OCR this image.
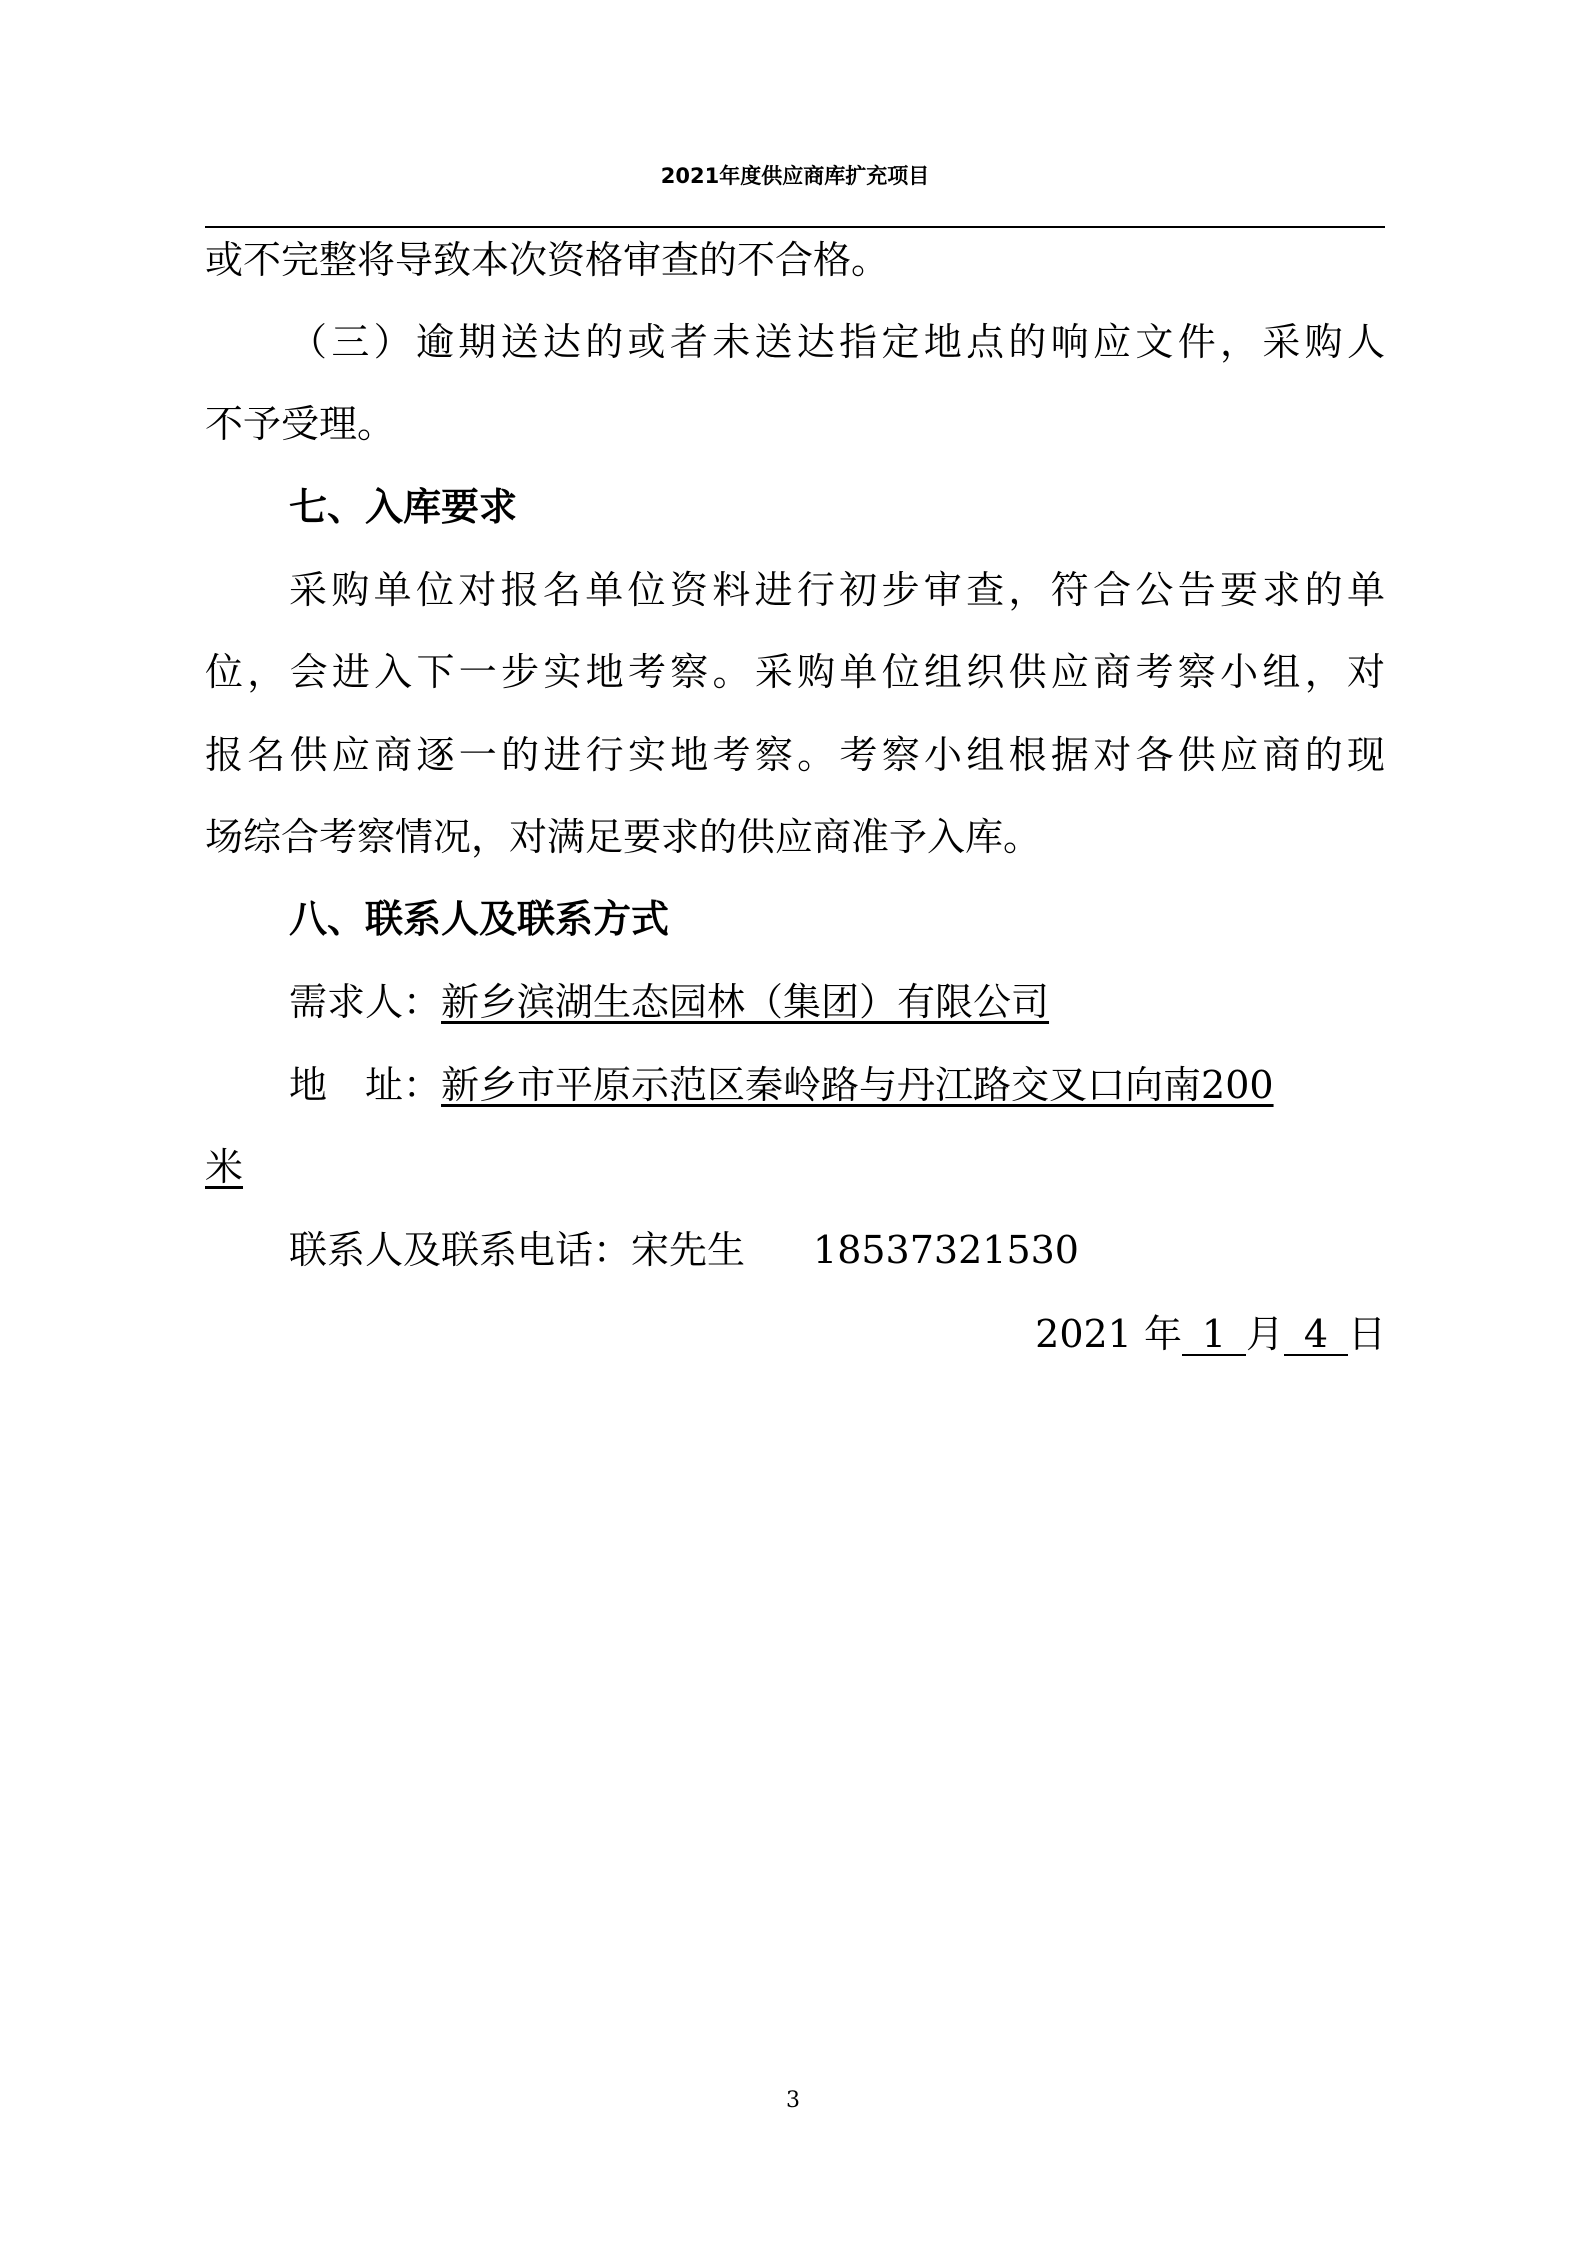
2021年度供应商库扩充项目
或不完整将导致本次资格审查的不合格。
（三）逾期送达的或者未送达指定地点的响应文件，采购人
不予受理。
七、入库要求
采购单位对报名单位资料进行初步审查，符合公告要求的单
位，会进入下一步实地考察。采购单位组织供应商考察小组，对
报名供应商逐一的进行实地考察。考察小组根据对各供应商的现
场综合考察情况，对满足要求的供应商准予入库。
八、联系人及联系方式
需求人：新乡滨湖生态园林（集团）有限公司
地　址：新乡市平原示范区秦岭路与丹江路交叉口向南200
米
联系人及联系电话：宋先生 18537321530
2021 年 1 月 4 日
3
